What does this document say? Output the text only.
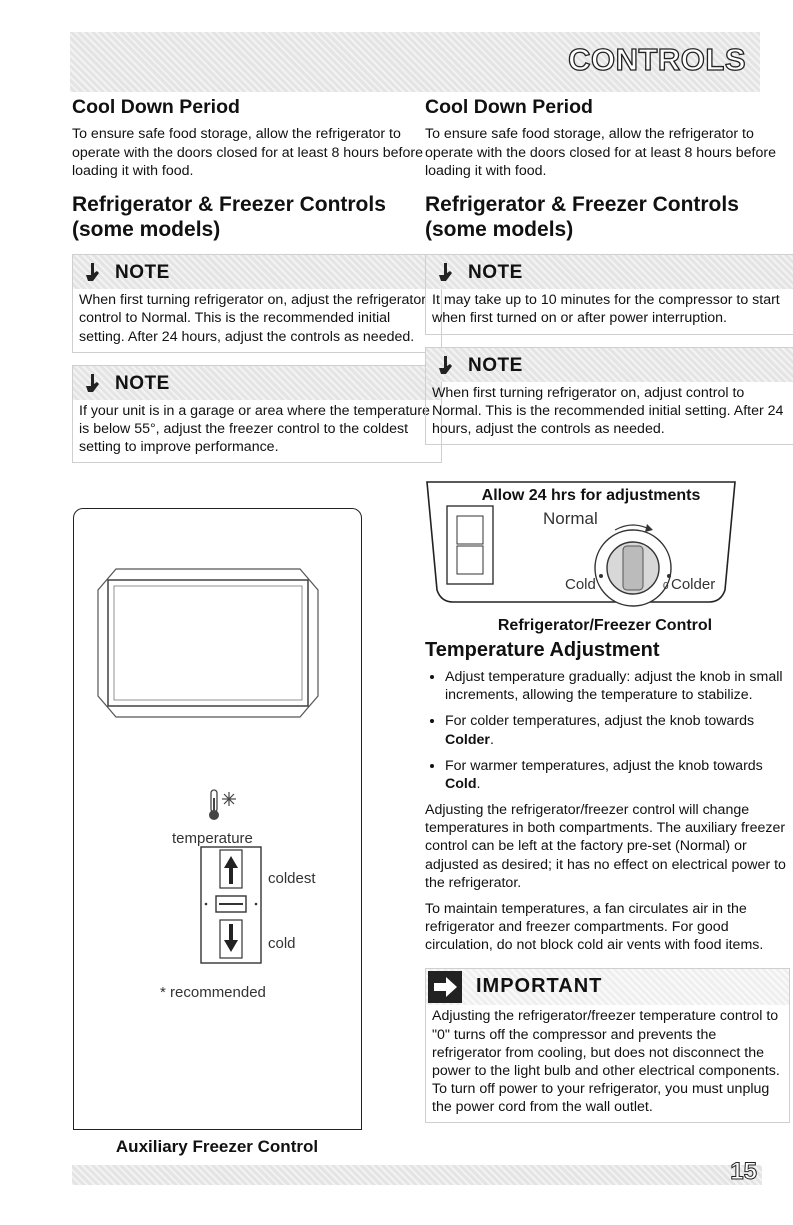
CONTROLS
Cool Down Period

To ensure safe food storage, allow the refrigerator to operate with the doors closed for at least 8 hours before loading it with food.

Refrigerator & Freezer Controls
(some models)
NOTE
When first turning refrigerator on, adjust the refrigerator control to Normal. This is the recommended initial setting. After 24 hours, adjust the controls as needed.
NOTE
If your unit is in a garage or area where the temperature is below 55°, adjust the freezer control to the coldest setting to improve performance.
temperature
coldest
cold
* recommended
Auxiliary Freezer Control
Cool Down Period

To ensure safe food storage, allow the refrigerator to operate with the doors closed for at least 8 hours before loading it with food.

Refrigerator & Freezer Controls
(some models)
NOTE
It may take up to 10 minutes for the compressor to start when first turned on or after power interruption.
NOTE
When first turning refrigerator on, adjust control to Normal. This is the recommended initial setting. After 24 hours, adjust the controls as needed.
Allow 24 hrs for adjustments
Normal
Cold	0 Colder
Refrigerator/Freezer Control
Temperature Adjustment
• Adjust temperature gradually: adjust the knob in small increments, allowing the temperature to stabilize.
• For colder temperatures, adjust the knob towards Colder.
• For warmer temperatures, adjust the knob towards Cold.

Adjusting the refrigerator/freezer control will change temperatures in both compartments. The auxiliary freezer control can be left at the factory pre-set (Normal) or adjusted as desired; it has no effect on electrical power to the refrigerator.

To maintain temperatures, a fan circulates air in the refrigerator and freezer compartments. For good circulation, do not block cold air vents with food items.

IMPORTANT
Adjusting the refrigerator/freezer temperature control to "0" turns off the compressor and prevents the refrigerator from cooling, but does not disconnect the power to the light bulb and other electrical components. To turn off power to your refrigerator, you must unplug the power cord from the wall outlet.
15
